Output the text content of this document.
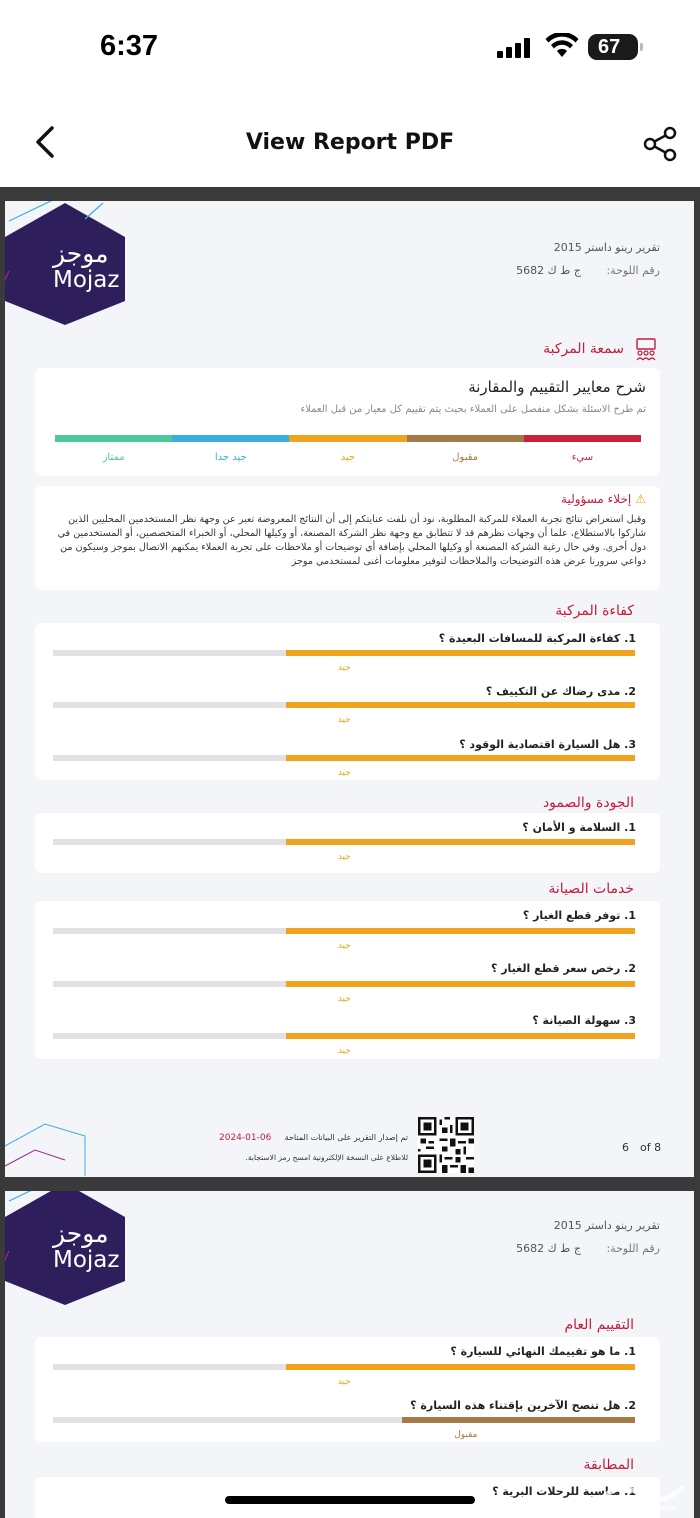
6:37	67
View Report PDF
موجز
Mojaz
تقرير رينو داستر 2015
رقم اللوحة: ج ط ك 5682
سمعة المركبة
شرح معايير التقييم والمقارنة
تم طرح الاسئلة بشكل منفصل على العملاء بحيث يتم تقييم كل معيار من قبل العملاء
ممتاز	جيد جدا	جيد	مقبول	سيء
⚠إخلاء مسؤولية
وقبل استعراض نتائج تجربة العملاء للمركبة المطلوبة، نود أن نلفت عنايتكم إلى أن النتائج المعروضة تعبر عن وجهة نظر المستخدمين المحليين الذين شاركوا بالاستطلاع، علما أن وجهات نظرهم قد لا تتطابق مع وجهة نظر الشركة المصنعة، أو وكيلها المحلي، أو الخبراء المتخصصين، أو المستخدمين في دول أخرى. وفي حال رغبة الشركة المصنعة أو وكيلها المحلي بإضافة أي توضيحات أو ملاحظات على تجربة العملاء يمكنهم الاتصال بموجز وسيكون من دواعي سرورنا عرض هذه التوضيحات والملاحظات لتوفير معلومات أغنى لمستخدمي موجز
كفاءة المركبة
1. كفاءة المركبة للمسافات البعيدة ؟
جيد
2. مدى رضاك عن التكييف ؟
جيد
3. هل السيارة اقتصادية الوقود ؟
جيد
الجودة والصمود
1. السلامة و الأمان ؟
جيد
خدمات الصيانة
1. توفر قطع الغيار ؟
جيد
2. رخص سعر قطع الغيار ؟
جيد
3. سهولة الصيانة ؟
جيد
تم إصدار التقرير على البيانات المتاحة
2024-01-06
للاطلاع على النسخة الإلكترونية امسح رمز الاستجابة.
6 of 8
موجز
Mojaz
تقرير رينو داستر 2015
رقم اللوحة: ج ط ك 5682
التقييم العام
1. ما هو تقييمك النهائي للسيارة ؟
جيد
2. هل تنصح الآخرين بإقتناء هذه السيارة ؟
مقبول
المطابقة
1. مناسبة للرحلات البرية ؟
